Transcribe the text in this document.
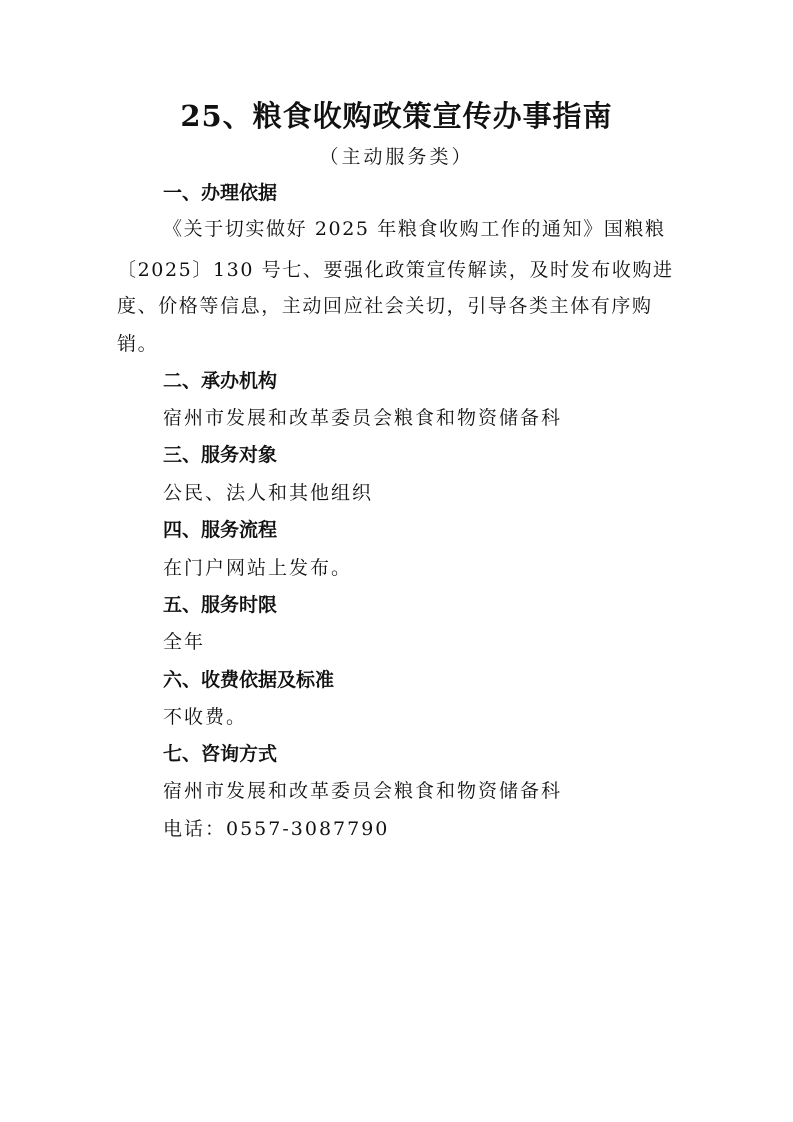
25、粮食收购政策宣传办事指南
（主动服务类）
一、办理依据
《关于切实做好 2025 年粮食收购工作的通知》国粮粮
〔2025〕130 号七、要强化政策宣传解读，及时发布收购进
度、价格等信息，主动回应社会关切，引导各类主体有序购
销。
二、承办机构
宿州市发展和改革委员会粮食和物资储备科
三、服务对象
公民、法人和其他组织
四、服务流程
在门户网站上发布。
五、服务时限
全年
六、收费依据及标准
不收费。
七、咨询方式
宿州市发展和改革委员会粮食和物资储备科
电话：0557-3087790
